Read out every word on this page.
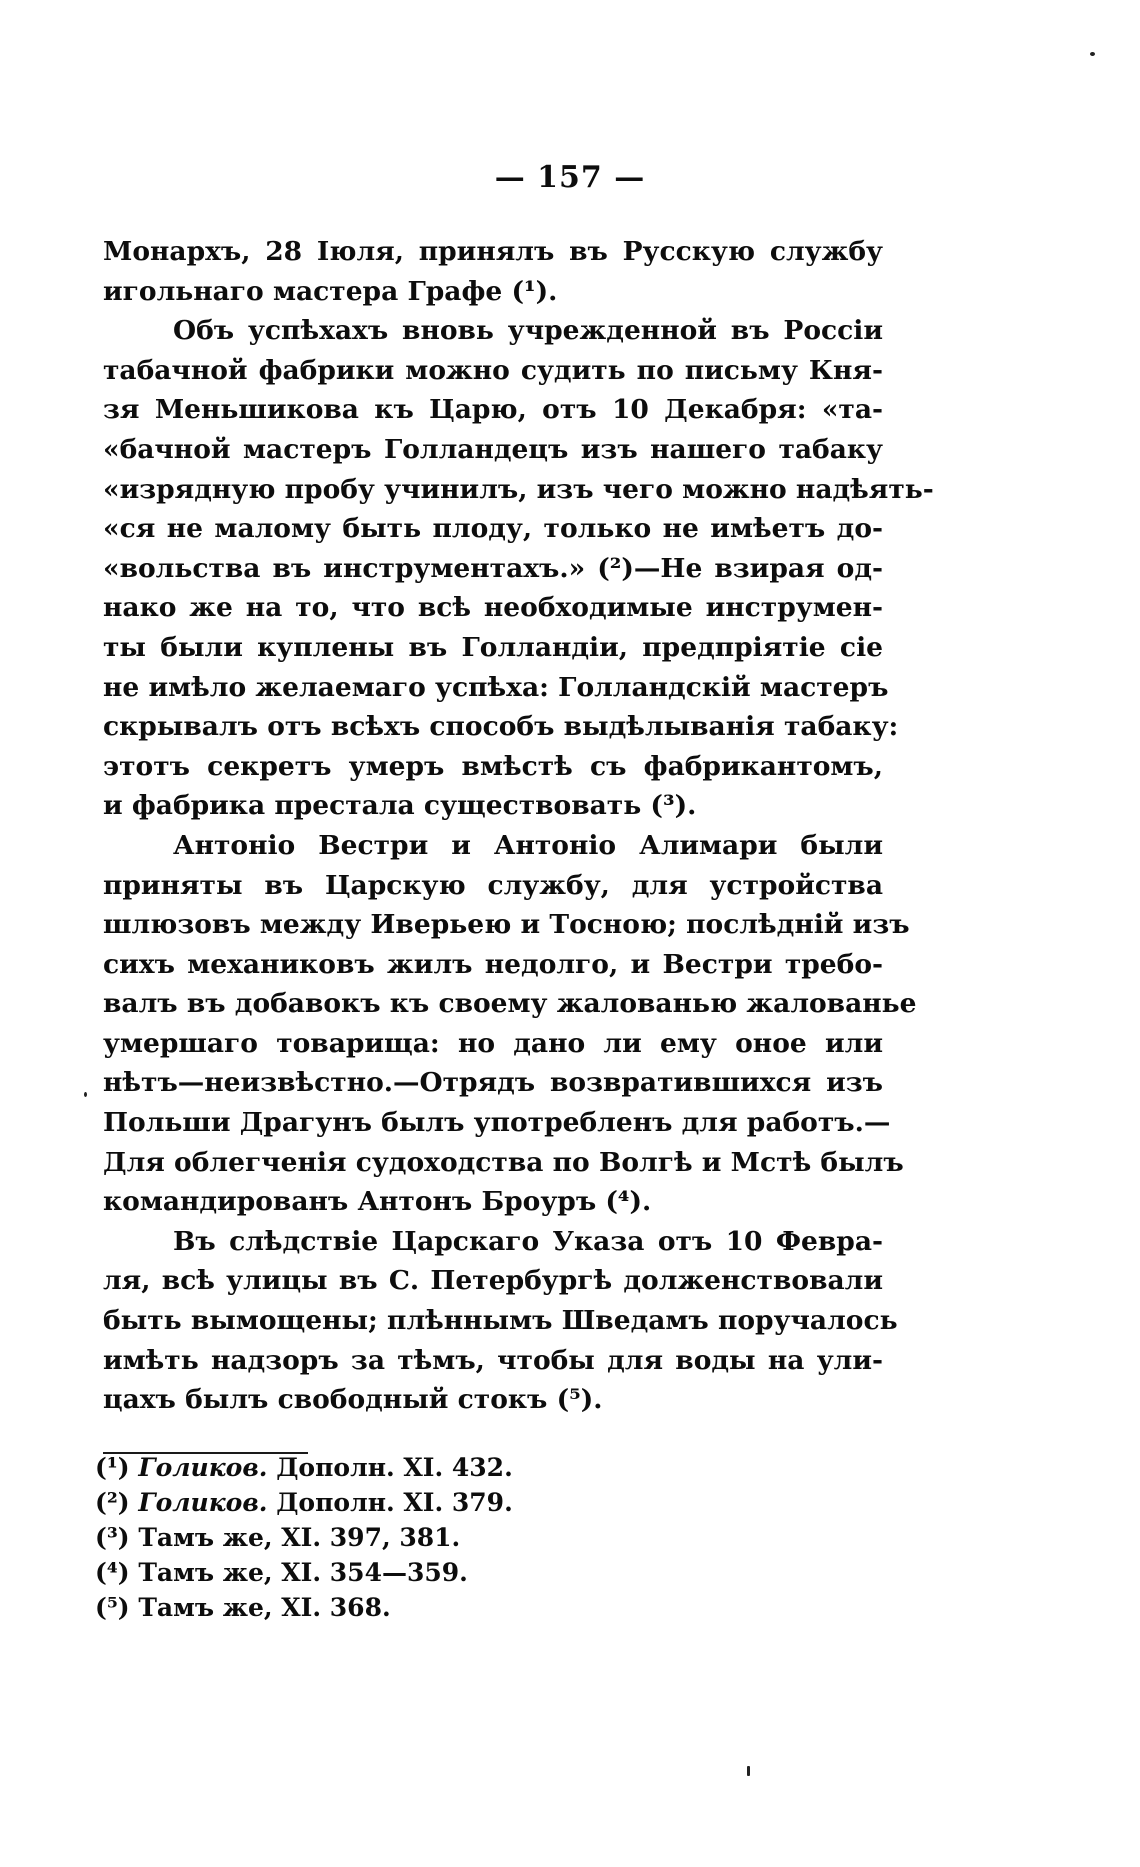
— 157 —
Монархъ, 28 Іюля, принялъ въ Русскую службу
игольнаго мастера Графе (¹).
Объ успѣхахъ вновь учрежденной въ Россіи
табачной фабрики можно судить по письму Кня-
зя Меньшикова къ Царю, отъ 10 Декабря: «та-
«бачной мастеръ Голландецъ изъ нашего табаку
«изрядную пробу учинилъ, изъ чего можно надѣять-
«ся не малому быть плоду, только не имѣетъ до-
«вольства въ инструментахъ.» (²)—Не взирая од-
нако же на то, что всѣ необходимые инструмен-
ты были куплены въ Голландіи, предпріятіе сіе
не имѣло желаемаго успѣха: Голландскій мастеръ
скрывалъ отъ всѣхъ способъ выдѣлыванія табаку:
этотъ секретъ умеръ вмѣстѣ съ фабрикантомъ,
и фабрика престала существовать (³).
Антоніо Вестри и Антоніо Алимари были
приняты въ Царскую службу, для устройства
шлюзовъ между Иверьею и Тосною; послѣдній изъ
сихъ механиковъ жилъ недолго, и Вестри требо-
валъ въ добавокъ къ своему жалованью жалованье
умершаго товарища: но дано ли ему оное или
нѣтъ—неизвѣстно.—Отрядъ возвратившихся изъ
Польши Драгунъ былъ употребленъ для работъ.—
Для облегченія судоходства по Волгѣ и Мстѣ былъ
командированъ Антонъ Броуръ (⁴).
Въ слѣдствіе Царскаго Указа отъ 10 Февра-
ля, всѣ улицы въ С. Петербургѣ долженствовали
быть вымощены; плѣннымъ Шведамъ поручалось
имѣть надзоръ за тѣмъ, чтобы для воды на ули-
цахъ былъ свободный стокъ (⁵).
(¹) Голиков. Дополн. XI. 432.
(²) Голиков. Дополн. XI. 379.
(³) Тамъ же, XI. 397, 381.
(⁴) Тамъ же, XI. 354—359.
(⁵) Тамъ же, XI. 368.
